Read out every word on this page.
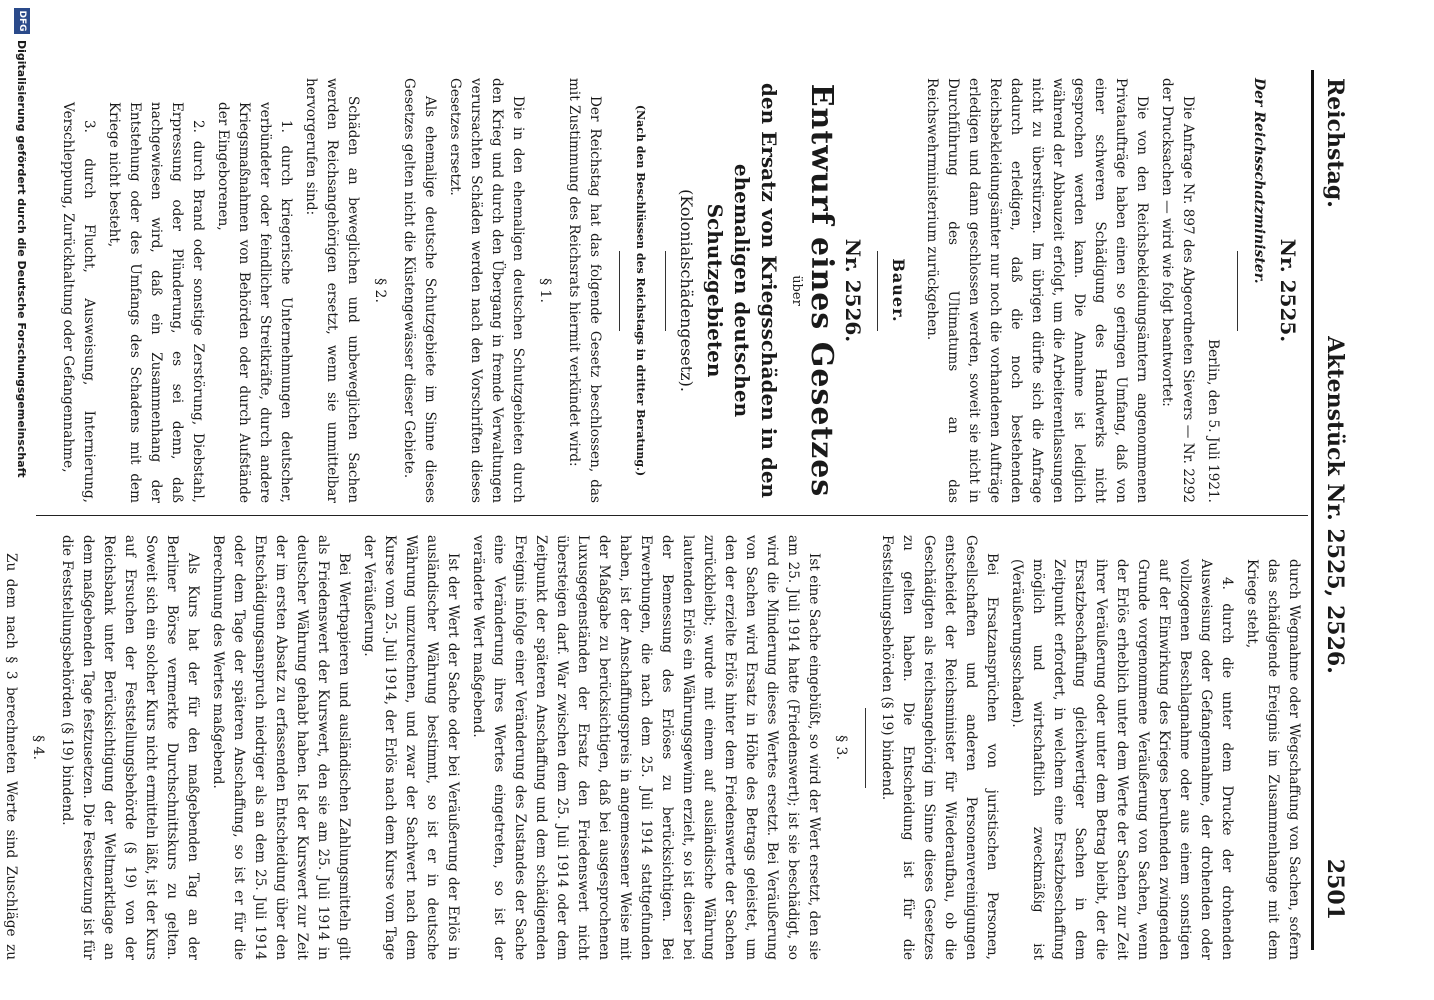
Reichstag.
Aktenstück Nr. 2525, 2526.
2501
Nr. 2525.
Der Reichsschatzminister.

Berlin, den 5. Juli 1921.

Die Anfrage Nr. 897 des Abgeordneten Sievers — Nr. 2292 der Drucksachen — wird wie folgt beantwortet:

Die von den Reichsbekleidungsämtern angenommenen Privataufträge haben einen so geringen Umfang, daß von einer schweren Schädigung des Handwerks nicht gesprochen werden kann. Die Annahme ist lediglich während der Abbauzeit erfolgt, um die Arbeiterentlassungen nicht zu überstürzen. Im übrigen dürfte sich die Anfrage dadurch erledigen, daß die noch bestehenden Reichsbekleidungsämter nur noch die vorhandenen Aufträge erledigen und dann geschlossen werden, soweit sie nicht in Durchführung des Ultimatums an das Reichswehrministerium zurückgehen.

Bauer.
Nr. 2526.
Entwurf eines Gesetzes
über
den Ersatz von Kriegsschäden in den ehemaligen deutschen Schutzgebieten
(Kolonialschädengesetz).
(Nach den Beschlüssen des Reichstags in dritter Beratung.)

Der Reichstag hat das folgende Gesetz beschlossen, das mit Zustimmung des Reichsrats hiermit verkündet wird:

§ 1.

Die in den ehemaligen deutschen Schutzgebieten durch den Krieg und durch den Übergang in fremde Verwaltungen verursachten Schäden werden nach den Vorschriften dieses Gesetzes ersetzt.

Als ehemalige deutsche Schutzgebiete im Sinne dieses Gesetzes gelten nicht die Küstengewässer dieser Gebiete.

§ 2.

Schäden an beweglichen und unbeweglichen Sachen werden Reichsangehörigen ersetzt, wenn sie unmittelbar hervorgerufen sind:

1. durch kriegerische Unternehmungen deutscher, verbündeter oder feindlicher Streitkräfte, durch andere Kriegsmaßnahmen von Behörden oder durch Aufstände der Eingeborenen,

2. durch Brand oder sonstige Zerstörung, Diebstahl, Erpressung oder Plünderung, es sei denn, daß nachgewiesen wird, daß ein Zusammenhang der Entstehung oder des Umfangs des Schadens mit dem Kriege nicht besteht,

3. durch Flucht, Ausweisung, Internierung, Verschleppung, Zurückhaltung oder Gefangennahme,

durch Wegnahme oder Wegschaffung von Sachen, sofern das schädigende Ereignis im Zusammenhange mit dem Kriege steht,

4. durch die unter dem Drucke der drohenden Ausweisung oder Gefangennahme, der drohenden oder vollzogenen Beschlagnahme oder aus einem sonstigen auf der Einwirkung des Krieges beruhenden zwingenden Grunde vorgenommene Veräußerung von Sachen, wenn der Erlös erheblich unter dem Werte der Sachen zur Zeit ihrer Veräußerung oder unter dem Betrag bleibt, der die Ersatzbeschaffung gleichwertiger Sachen in dem Zeitpunkt erfordert, in welchem eine Ersatzbeschaffung möglich und wirtschaftlich zweckmäßig ist (Veräußerungsschaden).

Bei Ersatzansprüchen von juristischen Personen, Gesellschaften und anderen Personenvereinigungen entscheidet der Reichsminister für Wiederaufbau, ob die Geschädigten als reichsangehörig im Sinne dieses Gesetzes zu gelten haben. Die Entscheidung ist für die Feststellungsbehörden (§ 19) bindend.

§ 3.

Ist eine Sache eingebüßt, so wird der Wert ersetzt, den sie am 25. Juli 1914 hatte (Friedenswert); ist sie beschädigt, so wird die Minderung dieses Wertes ersetzt. Bei Veräußerung von Sachen wird Ersatz in Höhe des Betrags geleistet, um den der erzielte Erlös hinter dem Friedenswerte der Sachen zurückbleibt; wurde mit einem auf ausländische Währung lautenden Erlös ein Währungsgewinn erzielt, so ist dieser bei der Bemessung des Erlöses zu berücksichtigen. Bei Erwerbungen, die nach dem 25. Juli 1914 stattgefunden haben, ist der Anschaffungspreis in angemessener Weise mit der Maßgabe zu berücksichtigen, daß bei ausgesprochenen Luxusgegenständen der Ersatz den Friedenswert nicht übersteigen darf. War zwischen dem 25. Juli 1914 oder dem Zeitpunkt der späteren Anschaffung und dem schädigenden Ereignis infolge einer Veränderung des Zustandes der Sache eine Veränderung ihres Wertes eingetreten, so ist der veränderte Wert maßgebend.

Ist der Wert der Sache oder bei Veräußerung der Erlös in ausländischer Währung bestimmt, so ist er in deutsche Währung umzurechnen, und zwar der Sachwert nach dem Kurse vom 25. Juli 1914, der Erlös nach dem Kurse vom Tage der Veräußerung.

Bei Wertpapieren und ausländischen Zahlungsmitteln gilt als Friedenswert der Kurswert, den sie am 25. Juli 1914 in deutscher Währung gehabt haben. Ist der Kurswert zur Zeit der im ersten Absatz zu erfassenden Entscheidung über den Entschädigungsanspruch niedriger als an dem 25. Juli 1914 oder dem Tage der späteren Anschaffung, so ist er für die Berechnung des Wertes maßgebend.

Als Kurs hat der für den maßgebenden Tag an der Berliner Börse vermerkte Durchschnittskurs zu gelten. Soweit sich ein solcher Kurs nicht ermitteln läßt, ist der Kurs auf Ersuchen der Feststellungsbehörde (§ 19) von der Reichsbank unter Berücksichtigung der Weltmarktlage an dem maßgebenden Tage festzusetzen. Die Festsetzung ist für die Feststellungsbehörden (§ 19) bindend.

§ 4.

Zu dem nach § 3 berechneten Werte sind Zuschläge zu

DFG
Digitalisierung gefördert durch die Deutsche Forschungsgemeinschaft
